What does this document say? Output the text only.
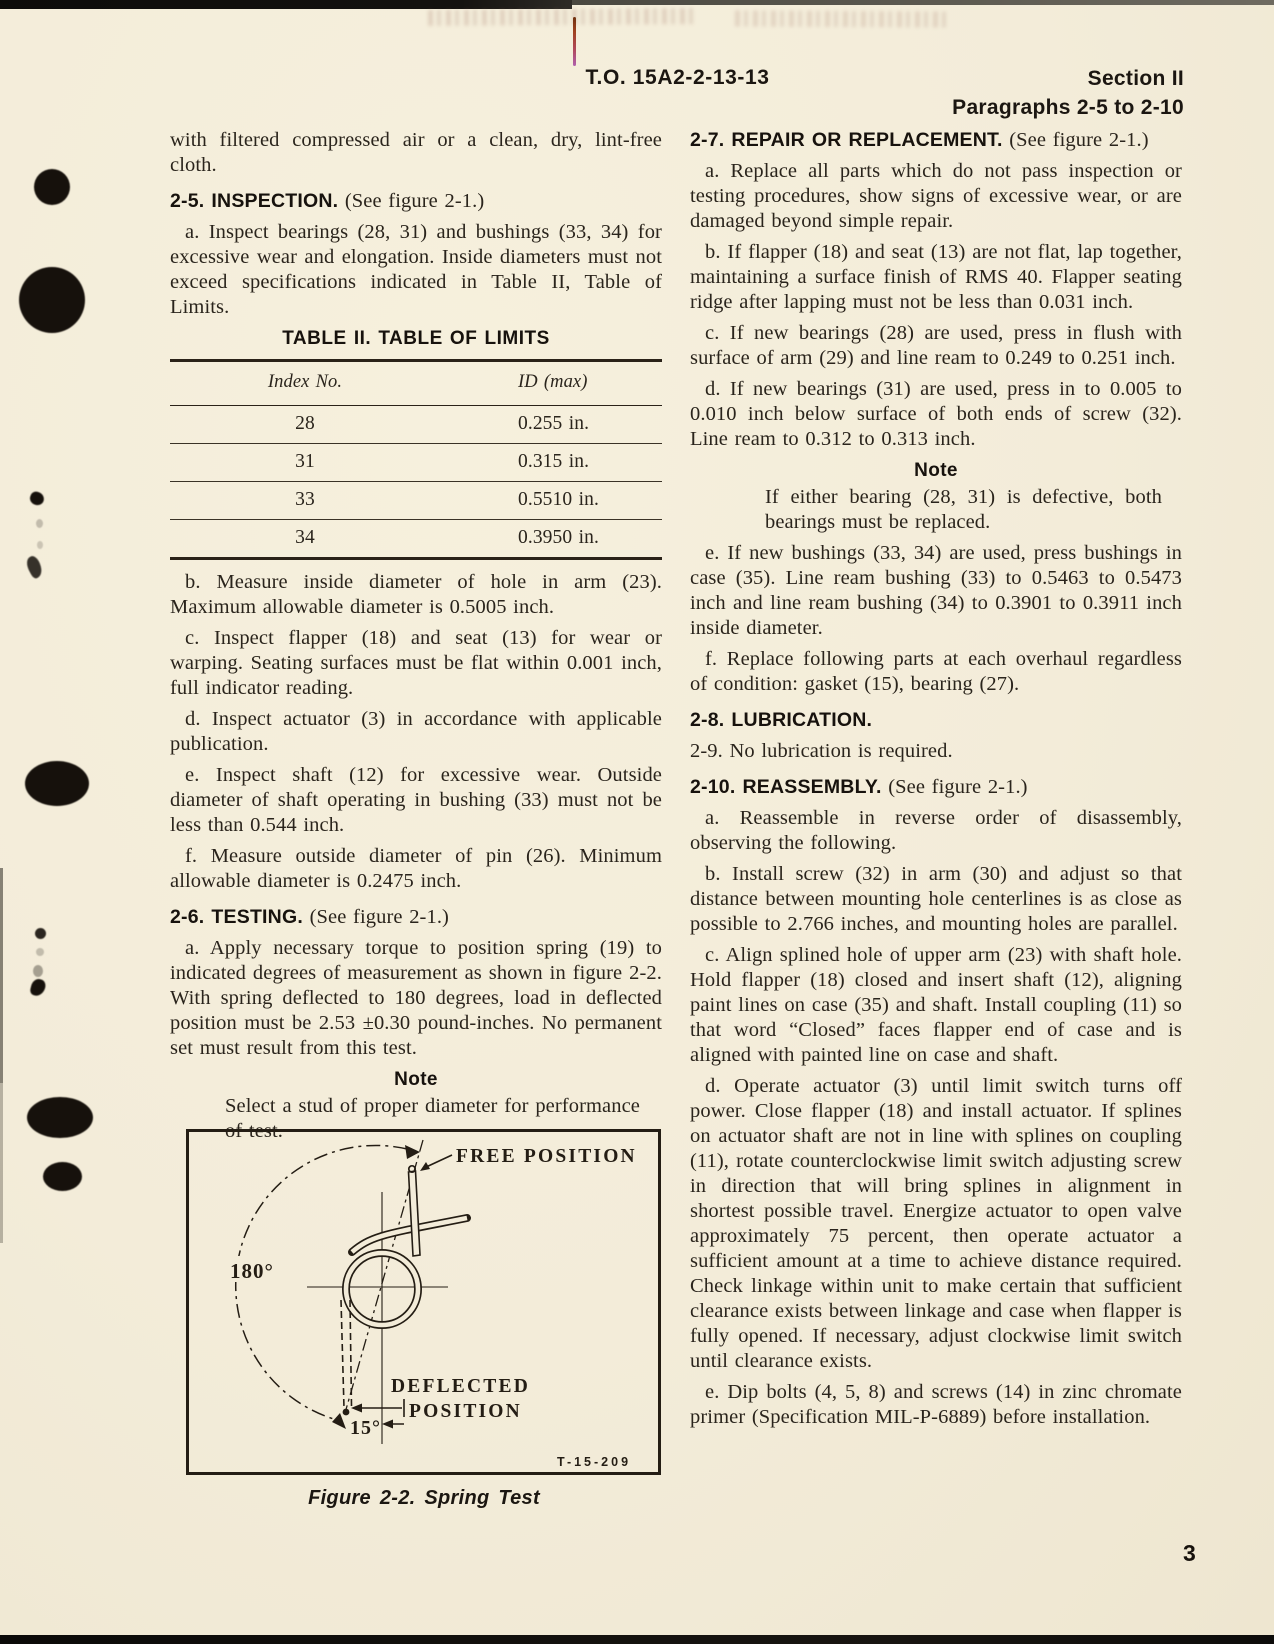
T.O. 15A2-2-13-13	Section II
Paragraphs 2-5 to 2-10

with filtered compressed air or a clean, dry, lint-free cloth.

2-5. INSPECTION. (See figure 2-1.)

a. Inspect bearings (28, 31) and bushings (33, 34) for excessive wear and elongation. Inside diameters must not exceed specifications indicated in Table II, Table of Limits.

TABLE II. TABLE OF LIMITS

Index No.	ID (max)
28	0.255 in.
31	0.315 in.
33	0.5510 in.
34	0.3950 in.

b. Measure inside diameter of hole in arm (23). Maximum allowable diameter is 0.5005 inch.

c. Inspect flapper (18) and seat (13) for wear or warping. Seating surfaces must be flat within 0.001 inch, full indicator reading.

d. Inspect actuator (3) in accordance with applicable publication.

e. Inspect shaft (12) for excessive wear. Outside diameter of shaft operating in bushing (33) must not be less than 0.544 inch.

f. Measure outside diameter of pin (26). Minimum allowable diameter is 0.2475 inch.

2-6. TESTING. (See figure 2-1.)

a. Apply necessary torque to position spring (19) to indicated degrees of measurement as shown in figure 2-2. With spring deflected to 180 degrees, load in deflected position must be 2.53 ±0.30 pound-inches. No permanent set must result from this test.

Note

Select a stud of proper diameter for performance of test.

FREE POSITION
180°
DEFLECTED
POSITION
15°
T-15-209
Figure 2-2. Spring Test

2-7. REPAIR OR REPLACEMENT. (See figure 2-1.)

a. Replace all parts which do not pass inspection or testing procedures, show signs of excessive wear, or are damaged beyond simple repair.

b. If flapper (18) and seat (13) are not flat, lap together, maintaining a surface finish of RMS 40. Flapper seating ridge after lapping must not be less than 0.031 inch.

c. If new bearings (28) are used, press in flush with surface of arm (29) and line ream to 0.249 to 0.251 inch.

d. If new bearings (31) are used, press in to 0.005 to 0.010 inch below surface of both ends of screw (32). Line ream to 0.312 to 0.313 inch.

Note

If either bearing (28, 31) is defective, both bearings must be replaced.

e. If new bushings (33, 34) are used, press bushings in case (35). Line ream bushing (33) to 0.5463 to 0.5473 inch and line ream bushing (34) to 0.3901 to 0.3911 inch inside diameter.

f. Replace following parts at each overhaul regardless of condition: gasket (15), bearing (27).

2-8. LUBRICATION.

2-9. No lubrication is required.

2-10. REASSEMBLY. (See figure 2-1.)

a. Reassemble in reverse order of disassembly, observing the following.

b. Install screw (32) in arm (30) and adjust so that distance between mounting hole centerlines is as close as possible to 2.766 inches, and mounting holes are parallel.

c. Align splined hole of upper arm (23) with shaft hole. Hold flapper (18) closed and insert shaft (12), aligning paint lines on case (35) and shaft. Install coupling (11) so that word “Closed” faces flapper end of case and is aligned with painted line on case and shaft.

d. Operate actuator (3) until limit switch turns off power. Close flapper (18) and install actuator. If splines on actuator shaft are not in line with splines on coupling (11), rotate counterclockwise limit switch adjusting screw in direction that will bring splines in alignment in shortest possible travel. Energize actuator to open valve approximately 75 percent, then operate actuator a sufficient amount at a time to achieve distance required. Check linkage within unit to make certain that sufficient clearance exists between linkage and case when flapper is fully opened. If necessary, adjust clockwise limit switch until clearance exists.

e. Dip bolts (4, 5, 8) and screws (14) in zinc chromate primer (Specification MIL-P-6889) before installation.

3
